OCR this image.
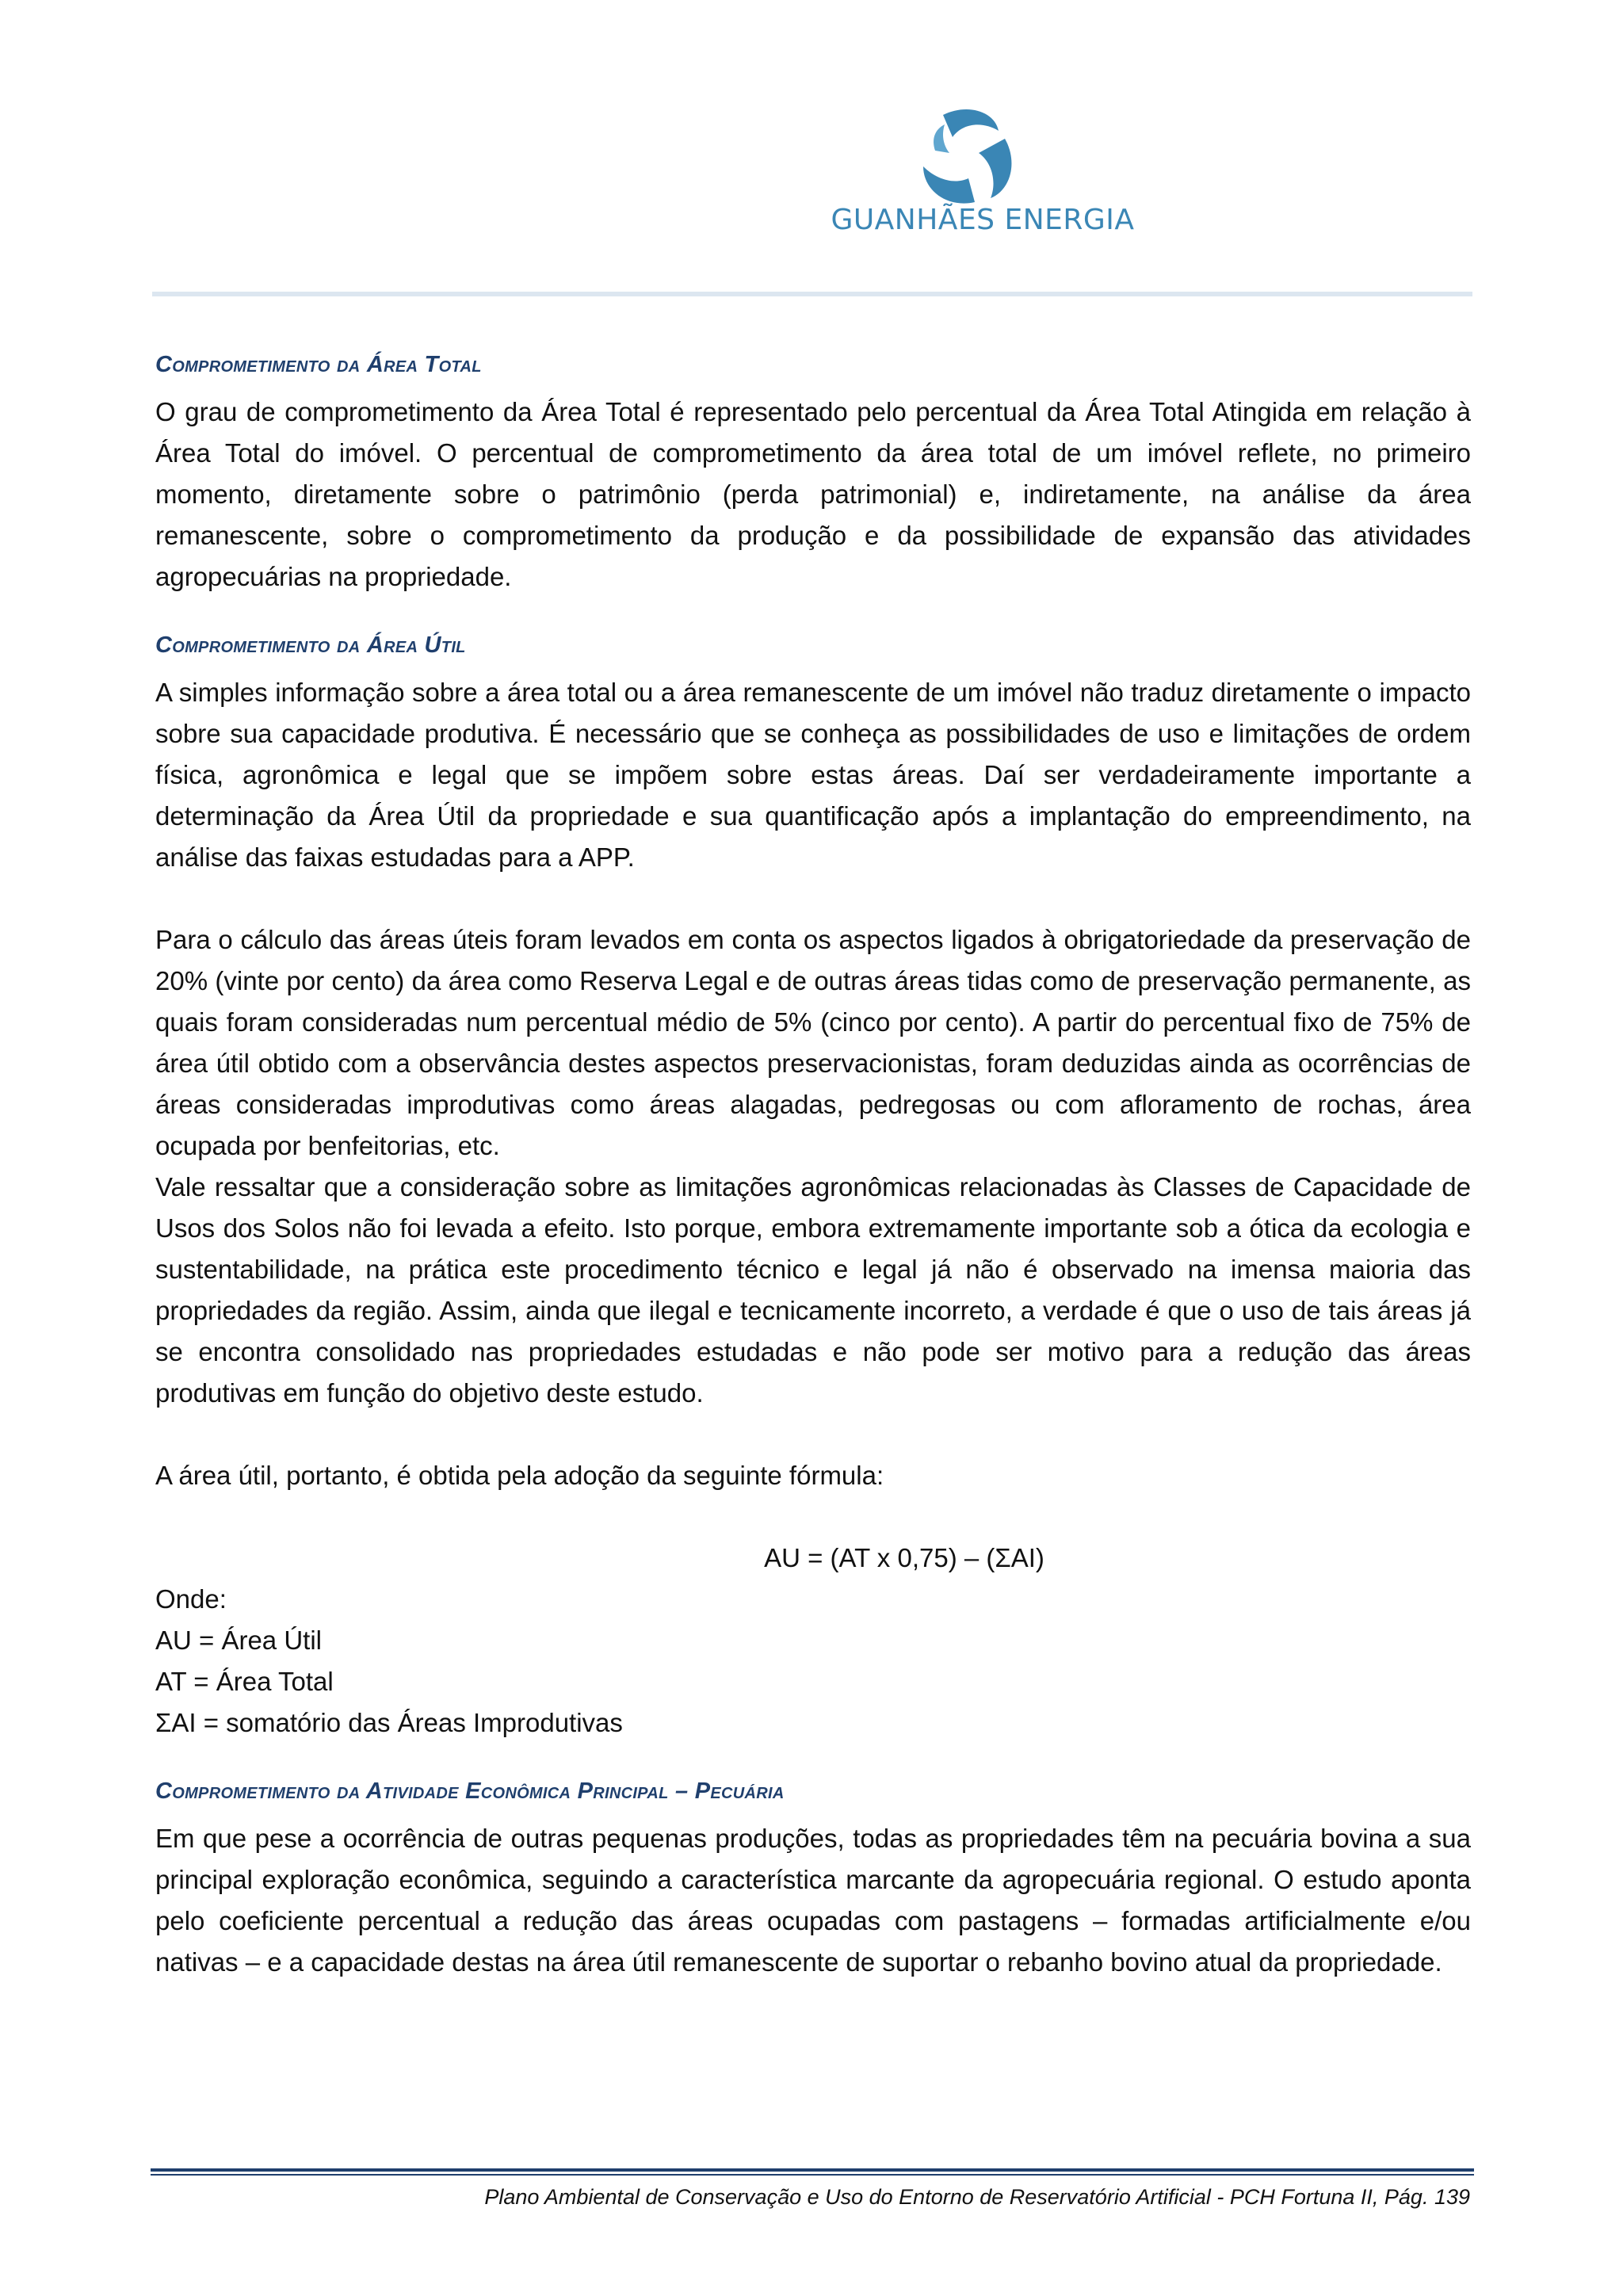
GUANHÃES ENERGIA
Comprometimento da Área Total

O grau de comprometimento da Área Total é representado pelo percentual da Área Total Atingida em relação à Área Total do imóvel. O percentual de comprometimento da área total de um imóvel reflete, no primeiro momento, diretamente sobre o patrimônio (perda patrimonial) e, indiretamente, na análise da área remanescente, sobre o comprometimento da produção e da possibilidade de expansão das atividades agropecuárias na propriedade.

Comprometimento da Área Útil

A simples informação sobre a área total ou a área remanescente de um imóvel não traduz diretamente o impacto sobre sua capacidade produtiva. É necessário que se conheça as possibilidades de uso e limitações de ordem física, agronômica e legal que se impõem sobre estas áreas. Daí ser verdadeiramente importante a determinação da Área Útil da propriedade e sua quantificação após a implantação do empreendimento, na análise das faixas estudadas para a APP.

Para o cálculo das áreas úteis foram levados em conta os aspectos ligados à obrigatoriedade da preservação de 20% (vinte por cento) da área como Reserva Legal e de outras áreas tidas como de preservação permanente, as quais foram consideradas num percentual médio de 5% (cinco por cento). A partir do percentual fixo de 75% de área útil obtido com a observância destes aspectos preservacionistas, foram deduzidas ainda as ocorrências de áreas consideradas improdutivas como áreas alagadas, pedregosas ou com afloramento de rochas, área ocupada por benfeitorias, etc.

Vale ressaltar que a consideração sobre as limitações agronômicas relacionadas às Classes de Capacidade de Usos dos Solos não foi levada a efeito. Isto porque, embora extremamente importante sob a ótica da ecologia e sustentabilidade, na prática este procedimento técnico e legal já não é observado na imensa maioria das propriedades da região. Assim, ainda que ilegal e tecnicamente incorreto, a verdade é que o uso de tais áreas já se encontra consolidado nas propriedades estudadas e não pode ser motivo para a redução das áreas produtivas em função do objetivo deste estudo.

A área útil, portanto, é obtida pela adoção da seguinte fórmula:

AU = (AT x 0,75) – (ΣAI)

Onde:
AU = Área Útil
AT = Área Total
ΣAI = somatório das Áreas Improdutivas
Comprometimento da Atividade Econômica Principal – Pecuária

Em que pese a ocorrência de outras pequenas produções, todas as propriedades têm na pecuária bovina a sua principal exploração econômica, seguindo a característica marcante da agropecuária regional. O estudo aponta pelo coeficiente percentual a redução das áreas ocupadas com pastagens – formadas artificialmente e/ou nativas – e a capacidade destas na área útil remanescente de suportar o rebanho bovino atual da propriedade.

Plano Ambiental de Conservação e Uso do Entorno de Reservatório Artificial - PCH Fortuna II, Pág. 139
